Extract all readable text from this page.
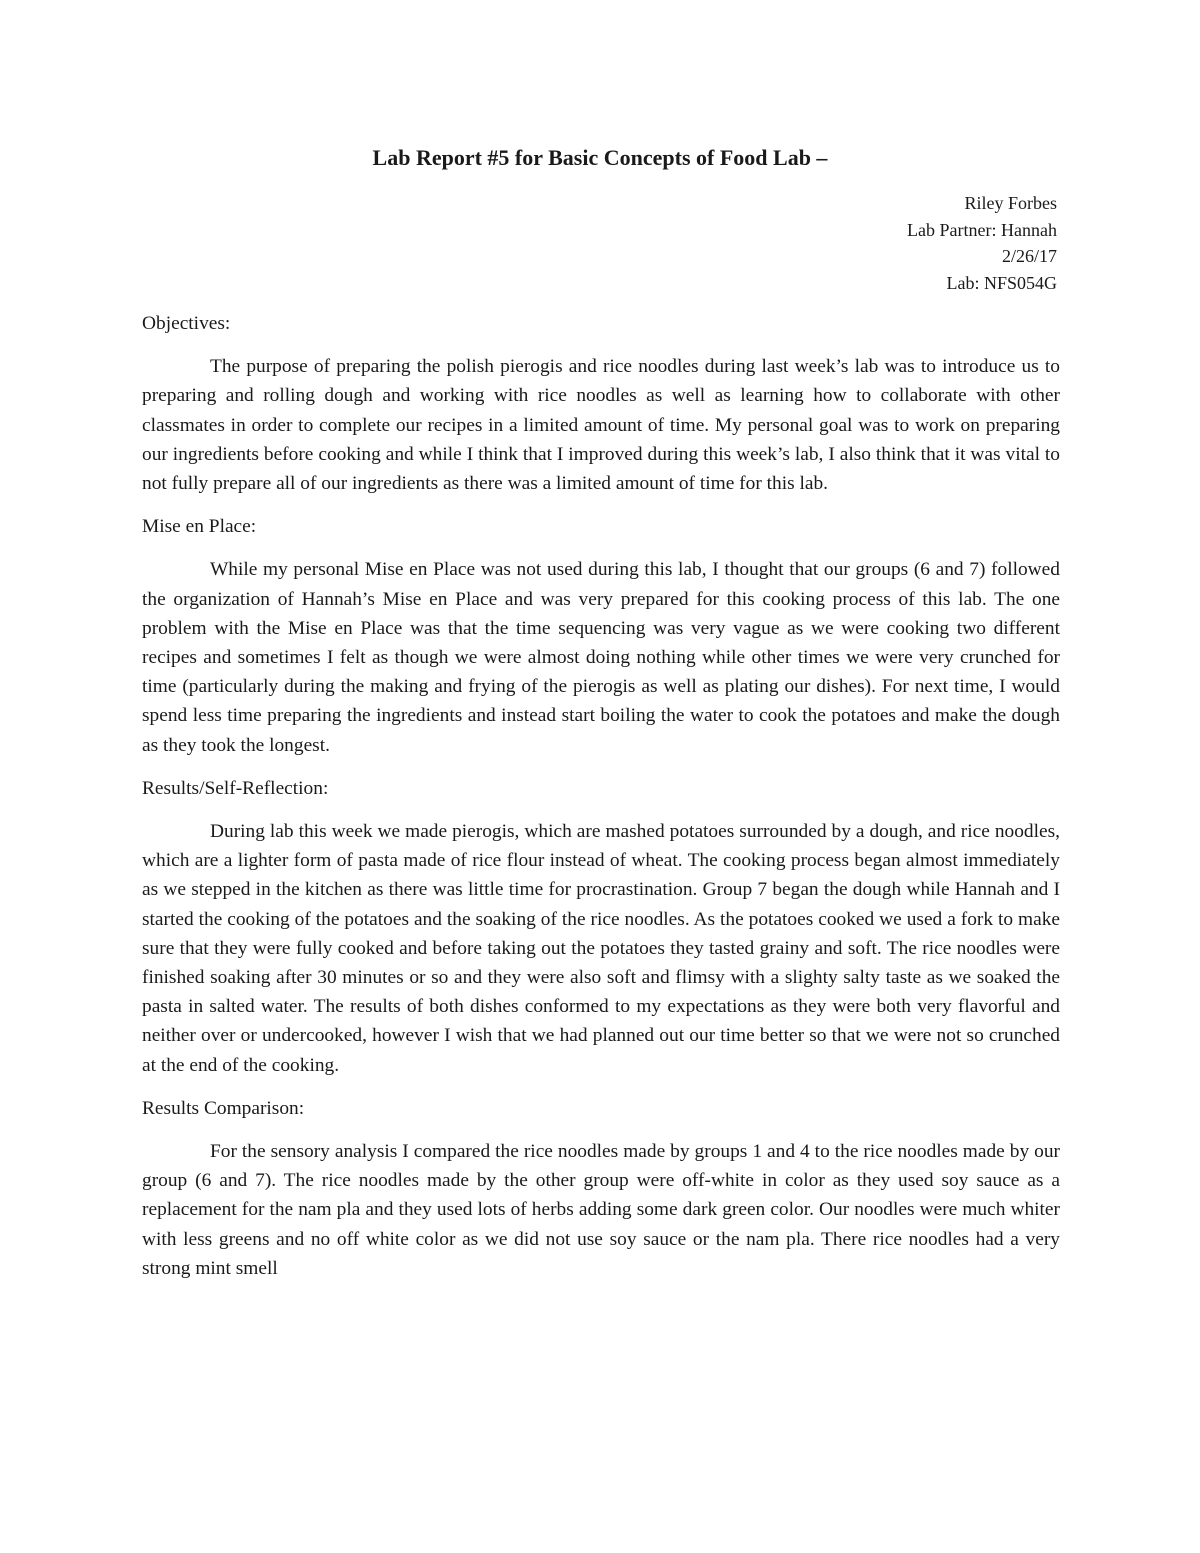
Lab Report #5 for Basic Concepts of Food Lab –
Riley Forbes
Lab Partner: Hannah
2/26/17
Lab: NFS054G

Objectives:

The purpose of preparing the polish pierogis and rice noodles during last week’s lab was to introduce us to preparing and rolling dough and working with rice noodles as well as learning how to collaborate with other classmates in order to complete our recipes in a limited amount of time. My personal goal was to work on preparing our ingredients before cooking and while I think that I improved during this week’s lab, I also think that it was vital to not fully prepare all of our ingredients as there was a limited amount of time for this lab.

Mise en Place:

While my personal Mise en Place was not used during this lab, I thought that our groups (6 and 7) followed the organization of Hannah’s Mise en Place and was very prepared for this cooking process of this lab. The one problem with the Mise en Place was that the time sequencing was very vague as we were cooking two different recipes and sometimes I felt as though we were almost doing nothing while other times we were very crunched for time (particularly during the making and frying of the pierogis as well as plating our dishes). For next time, I would spend less time preparing the ingredients and instead start boiling the water to cook the potatoes and make the dough as they took the longest.

Results/Self-Reflection:

During lab this week we made pierogis, which are mashed potatoes surrounded by a dough, and rice noodles, which are a lighter form of pasta made of rice flour instead of wheat. The cooking process began almost immediately as we stepped in the kitchen as there was little time for procrastination. Group 7 began the dough while Hannah and I started the cooking of the potatoes and the soaking of the rice noodles. As the potatoes cooked we used a fork to make sure that they were fully cooked and before taking out the potatoes they tasted grainy and soft. The rice noodles were finished soaking after 30 minutes or so and they were also soft and flimsy with a slighty salty taste as we soaked the pasta in salted water. The results of both dishes conformed to my expectations as they were both very flavorful and neither over or undercooked, however I wish that we had planned out our time better so that we were not so crunched at the end of the cooking.

Results Comparison:

For the sensory analysis I compared the rice noodles made by groups 1 and 4 to the rice noodles made by our group (6 and 7). The rice noodles made by the other group were off-white in color as they used soy sauce as a replacement for the nam pla and they used lots of herbs adding some dark green color. Our noodles were much whiter with less greens and no off white color as we did not use soy sauce or the nam pla. There rice noodles had a very strong mint smell
